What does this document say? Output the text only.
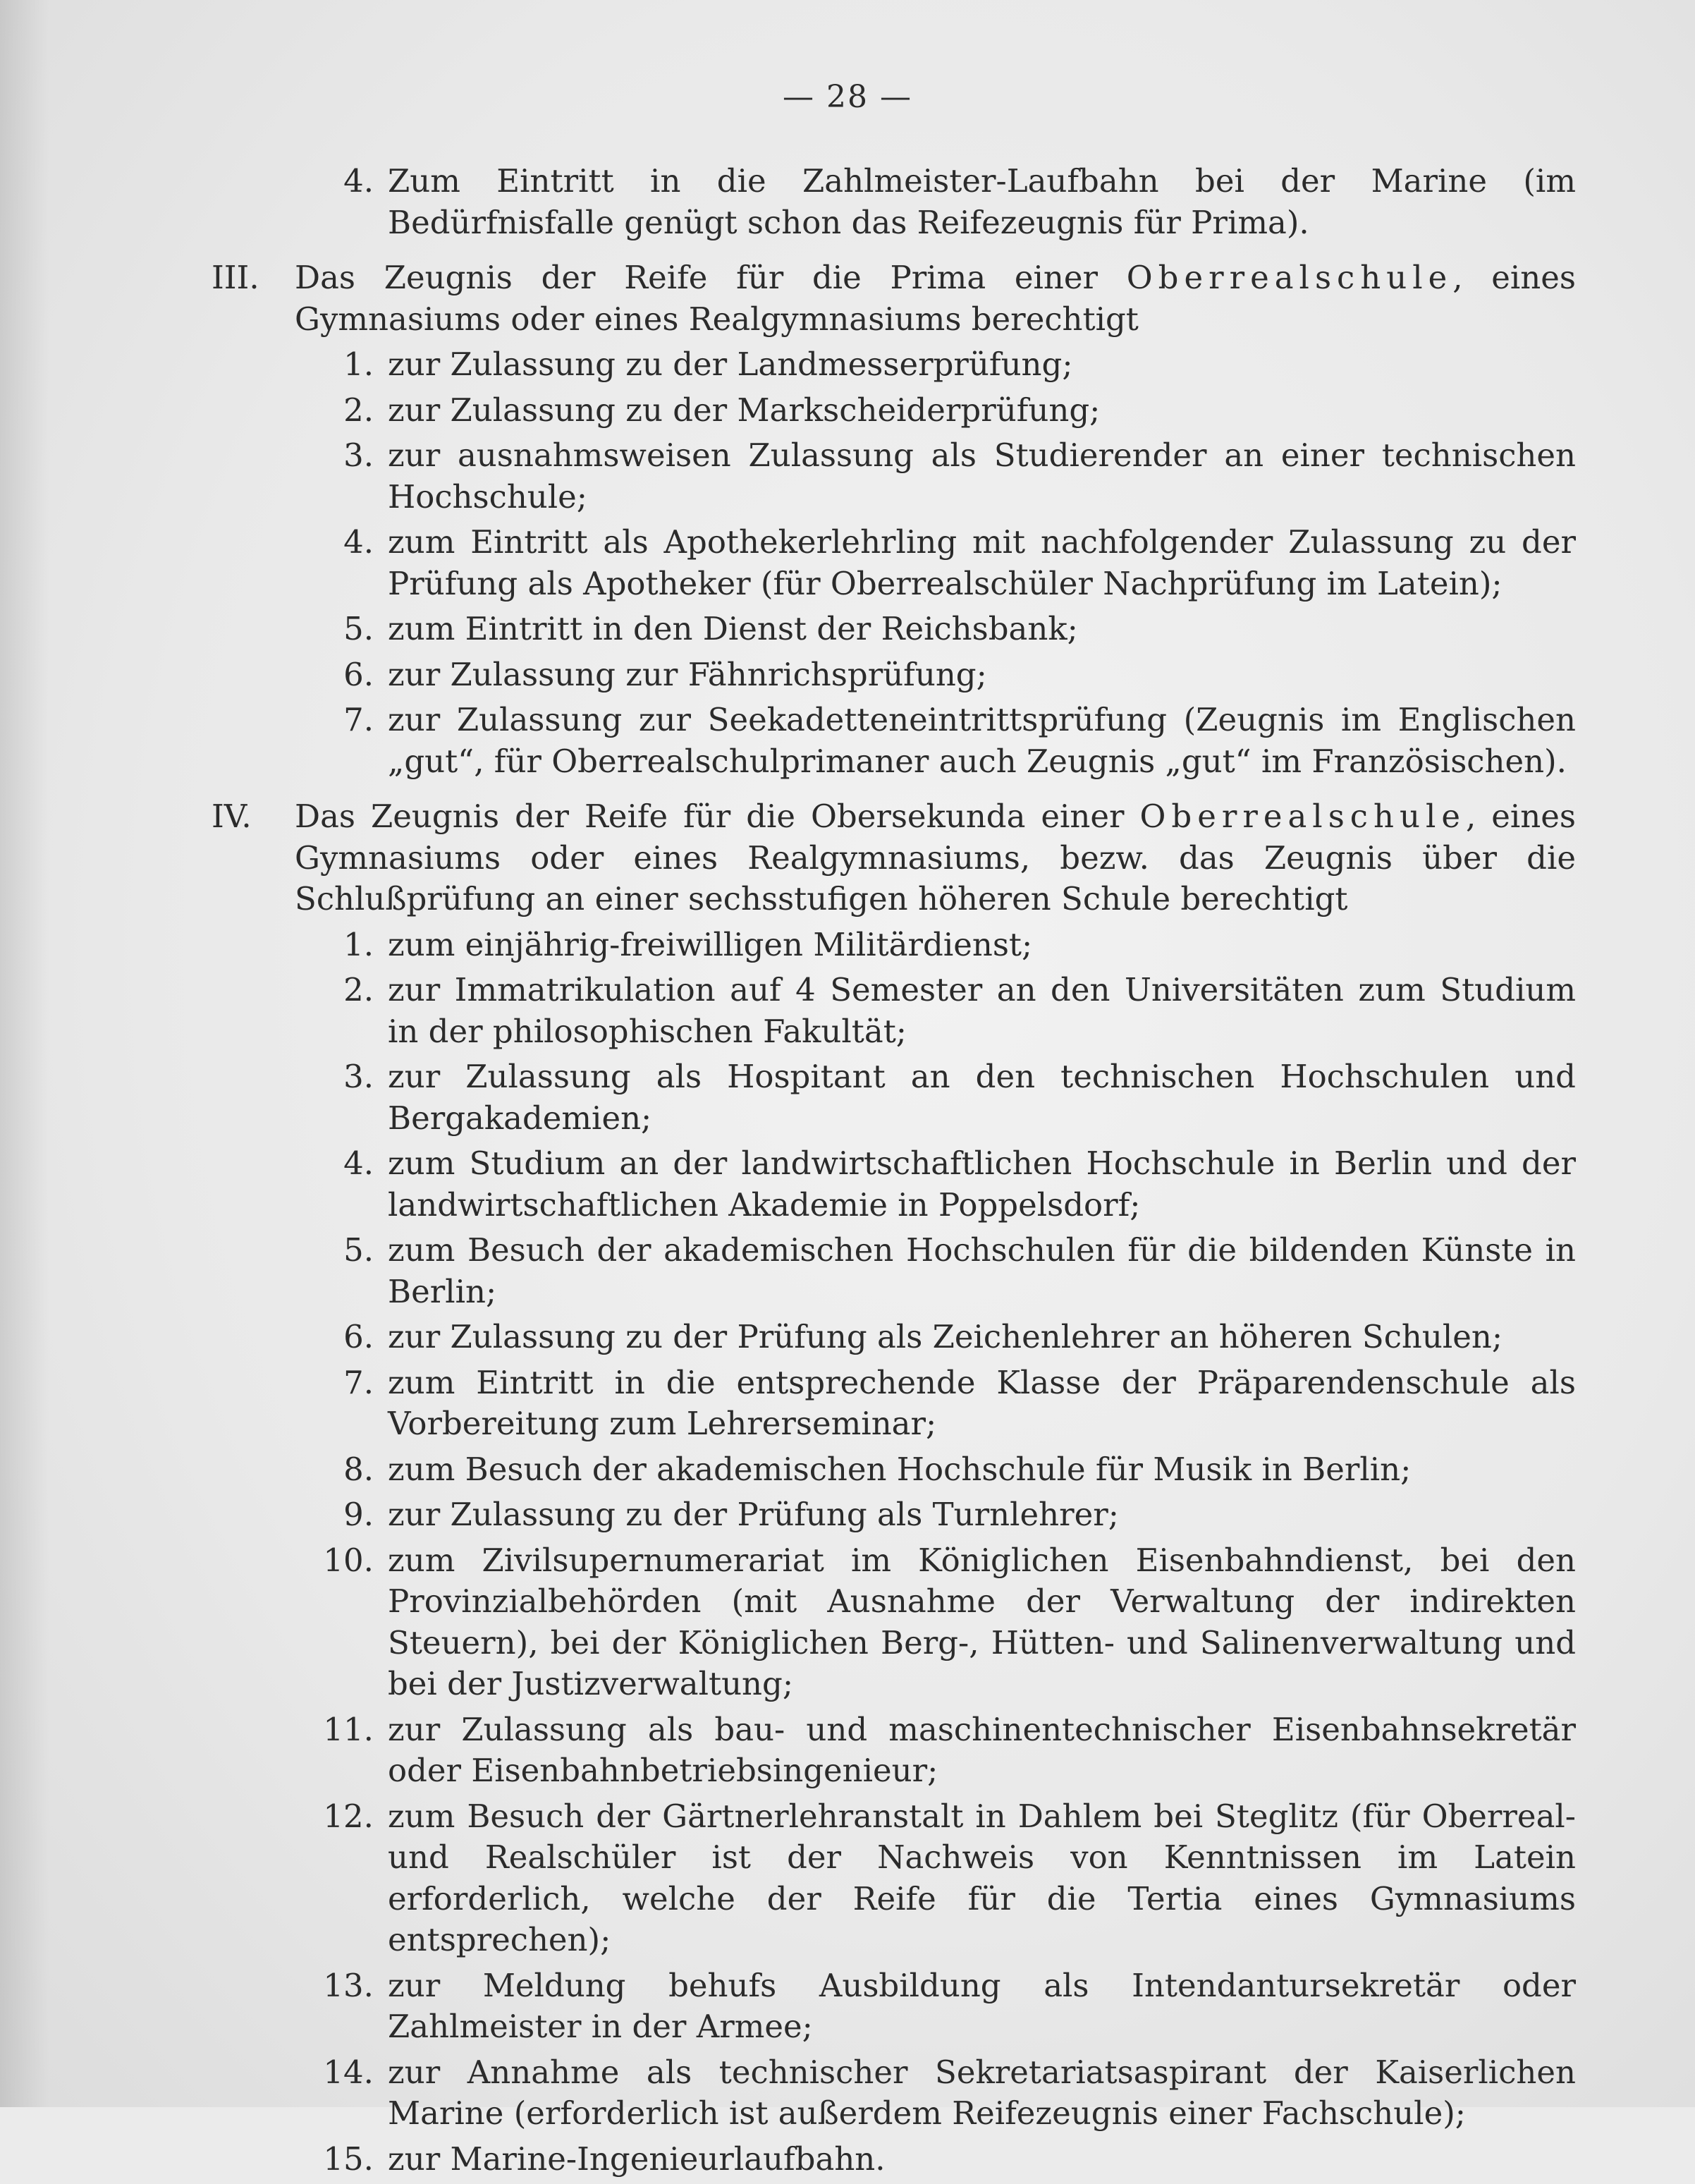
— 28 —
4. Zum Eintritt in die Zahlmeister-Laufbahn bei der Marine (im Bedürfnisfalle genügt schon das Reifezeugnis für Prima).
III.	Das Zeugnis der Reife für die Prima einer Oberrealschule, eines Gymnasiums oder eines Realgymnasiums berechtigt
1. zur Zulassung zu der Landmesserprüfung;
2. zur Zulassung zu der Markscheiderprüfung;
3. zur ausnahmsweisen Zulassung als Studierender an einer technischen Hochschule;
4. zum Eintritt als Apothekerlehrling mit nachfolgender Zulassung zu der Prüfung als Apotheker (für Oberrealschüler Nachprüfung im Latein);
5. zum Eintritt in den Dienst der Reichsbank;
6. zur Zulassung zur Fähnrichsprüfung;
7. zur Zulassung zur Seekadetteneintrittsprüfung (Zeugnis im Englischen „gut“, für Oberrealschulprimaner auch Zeugnis „gut“ im Französischen).
IV.	Das Zeugnis der Reife für die Obersekunda einer Oberrealschule, eines Gymnasiums oder eines Realgymnasiums, bezw. das Zeugnis über die Schlußprüfung an einer sechsstufigen höheren Schule berechtigt
1. zum einjährig-freiwilligen Militärdienst;
2. zur Immatrikulation auf 4 Semester an den Universitäten zum Studium in der philosophischen Fakultät;
3. zur Zulassung als Hospitant an den technischen Hochschulen und Bergakademien;
4. zum Studium an der landwirtschaftlichen Hochschule in Berlin und der landwirtschaftlichen Akademie in Poppelsdorf;
5. zum Besuch der akademischen Hochschulen für die bildenden Künste in Berlin;
6. zur Zulassung zu der Prüfung als Zeichenlehrer an höheren Schulen;
7. zum Eintritt in die entsprechende Klasse der Präparendenschule als Vorbereitung zum Lehrerseminar;
8. zum Besuch der akademischen Hochschule für Musik in Berlin;
9. zur Zulassung zu der Prüfung als Turnlehrer;
10. zum Zivilsupernumerariat im Königlichen Eisenbahndienst, bei den Provinzialbehörden (mit Ausnahme der Verwaltung der indirekten Steuern), bei der Königlichen Berg-, Hütten- und Salinenverwaltung und bei der Justizverwaltung;
11. zur Zulassung als bau- und maschinentechnischer Eisenbahnsekretär oder Eisenbahnbetriebsingenieur;
12. zum Besuch der Gärtnerlehranstalt in Dahlem bei Steglitz (für Oberreal- und Realschüler ist der Nachweis von Kenntnissen im Latein erforderlich, welche der Reife für die Tertia eines Gymnasiums entsprechen);
13. zur Meldung behufs Ausbildung als Intendantursekretär oder Zahlmeister in der Armee;
14. zur Annahme als technischer Sekretariatsaspirant der Kaiserlichen Marine (erforderlich ist außerdem Reifezeugnis einer Fachschule);
15. zur Marine-Ingenieurlaufbahn.
